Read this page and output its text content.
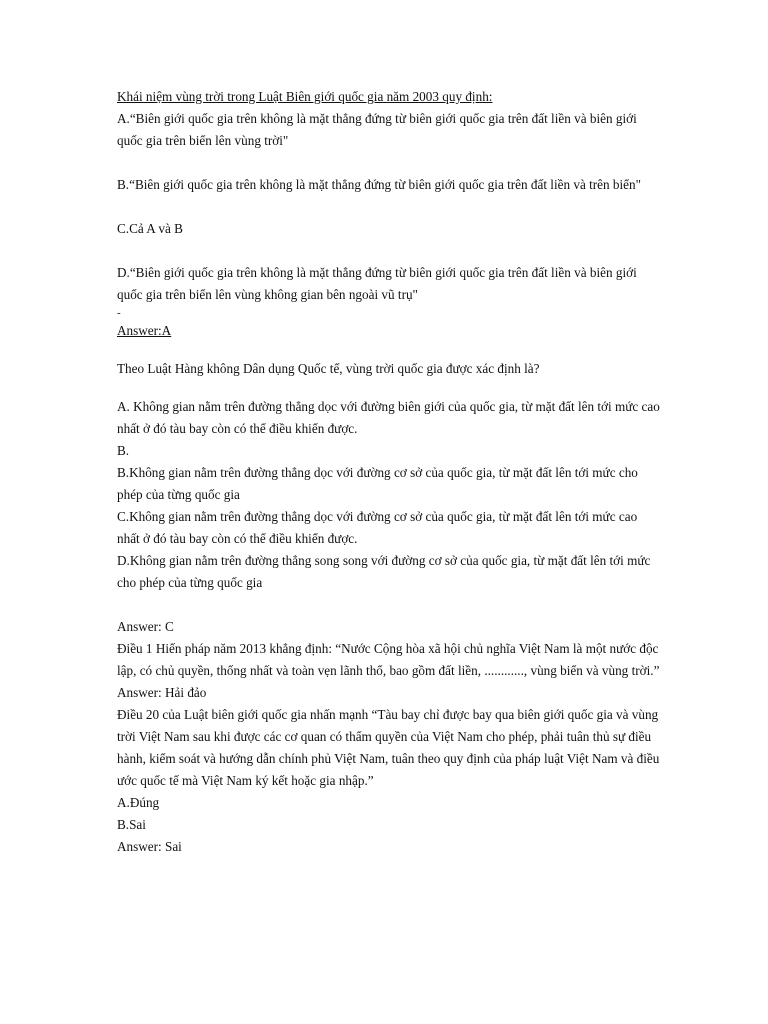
Khái niệm vùng trời trong Luật Biên giới quốc gia năm 2003 quy định:

A.“Biên giới quốc gia trên không là mặt thẳng đứng từ biên giới quốc gia trên đất liền và biên giới quốc gia trên biển lên vùng trời"

B.“Biên giới quốc gia trên không là mặt thẳng đứng từ biên giới quốc gia trên đất liền và trên biển"

C.Cả A và B

D.“Biên giới quốc gia trên không là mặt thẳng đứng từ biên giới quốc gia trên đất liền và biên giới quốc gia trên biển lên vùng không gian bên ngoài vũ trụ"

-

Answer:A

Theo Luật Hàng không Dân dụng Quốc tế, vùng trời quốc gia được xác định là?

A. Không gian nằm trên đường thẳng dọc với đường biên giới của quốc gia, từ mặt đất lên tới mức cao nhất ở đó tàu bay còn có thể điều khiển được.

B.

B.Không gian nằm trên đường thẳng dọc với đường cơ sở của quốc gia, từ mặt đất lên tới mức cho phép của từng quốc gia

C.Không gian nằm trên đường thẳng dọc với đường cơ sở của quốc gia, từ mặt đất lên tới mức cao nhất ở đó tàu bay còn có thể điều khiển được.

D.Không gian nằm trên đường thẳng song song với đường cơ sở của quốc gia, từ mặt đất lên tới mức cho phép của từng quốc gia

Answer: C

Điều 1 Hiến pháp năm 2013 khẳng định: “Nước Cộng hòa xã hội chủ nghĩa Việt Nam là một nước độc lập, có chủ quyền, thống nhất và toàn vẹn lãnh thổ, bao gồm đất liền, ............, vùng biển và vùng trời.”

Answer: Hải đảo

Điều 20 của Luật biên giới quốc gia nhấn mạnh “Tàu bay chỉ được bay qua biên giới quốc gia và vùng trời Việt Nam sau khi được các cơ quan có thẩm quyền của Việt Nam cho phép, phải tuân thủ sự điều hành, kiểm soát và hướng dẫn chính phủ Việt Nam, tuân theo quy định của pháp luật Việt Nam và điều ước quốc tế mà Việt Nam ký kết hoặc gia nhập.”

A.Đúng

B.Sai

Answer: Sai
